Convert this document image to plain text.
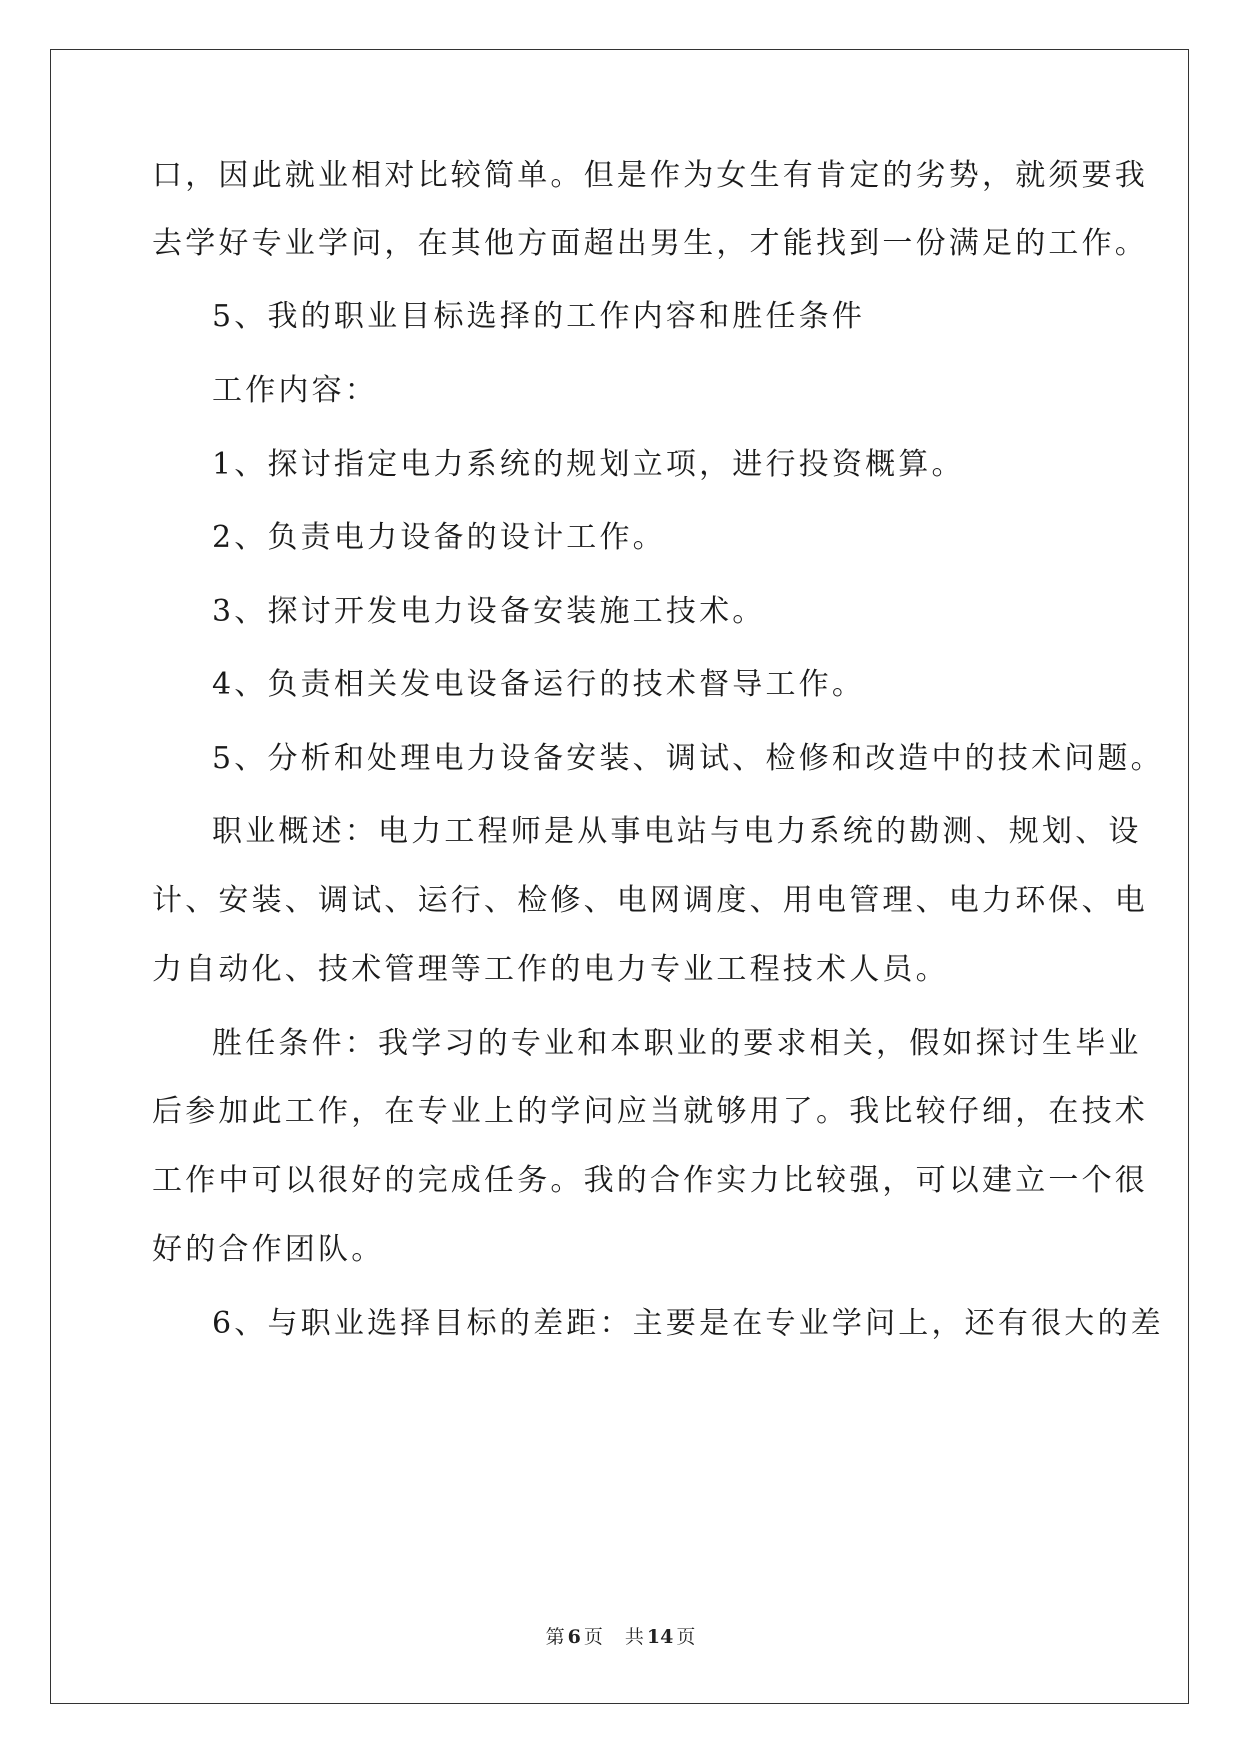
口，因此就业相对比较简单。但是作为女生有肯定的劣势，就须要我
去学好专业学问，在其他方面超出男生，才能找到一份满足的工作。
5、我的职业目标选择的工作内容和胜任条件
工作内容：
1、探讨指定电力系统的规划立项，进行投资概算。
2、负责电力设备的设计工作。
3、探讨开发电力设备安装施工技术。
4、负责相关发电设备运行的技术督导工作。
5、分析和处理电力设备安装、调试、检修和改造中的技术问题。
职业概述：电力工程师是从事电站与电力系统的勘测、规划、设
计、安装、调试、运行、检修、电网调度、用电管理、电力环保、电
力自动化、技术管理等工作的电力专业工程技术人员。
胜任条件：我学习的专业和本职业的要求相关，假如探讨生毕业
后参加此工作，在专业上的学问应当就够用了。我比较仔细，在技术
工作中可以很好的完成任务。我的合作实力比较强，可以建立一个很
好的合作团队。
6、与职业选择目标的差距：主要是在专业学问上，还有很大的差
第 6 页 共 14 页
